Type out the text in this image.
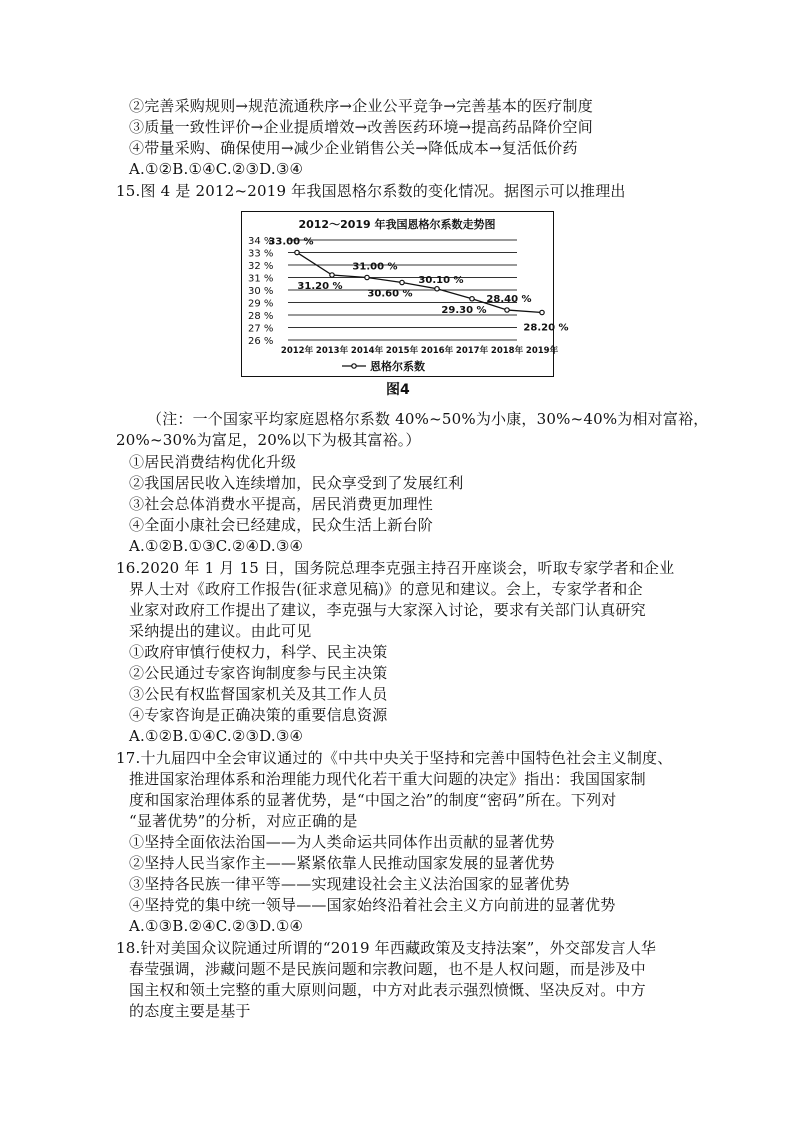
②完善采购规则→规范流通秩序→企业公平竞争→完善基本的医疗制度
③质量一致性评价→企业提质增效→改善医药环境→提高药品降价空间
④带量采购、确保使用→减少企业销售公关→降低成本→复活低价药
A.①②B.①④C.②③D.③④
15.图 4 是 2012~2019 年我国恩格尔系数的变化情况。据图示可以推理出
2012～2019 年我国恩格尔系数走势图
26 %
27 %
28 %
29 %
30 %
31 %
32 %
33 %
34 %
2012年 2013年 2014年 2015年 2016年 2017年 2018年 2019年
33.00 %
31.20 %
31.00 %
30.60 %
30.10 %
29.30 %
28.40 %
28.20 %
恩格尔系数
图4
（注：一个国家平均家庭恩格尔系数 40%~50%为小康，30%~40%为相对富裕，
20%~30%为富足，20%以下为极其富裕。）
①居民消费结构优化升级
②我国居民收入连续增加，民众享受到了发展红利
③社会总体消费水平提高，居民消费更加理性
④全面小康社会已经建成，民众生活上新台阶
A.①②B.①③C.②④D.③④
16.2020 年 1 月 15 日，国务院总理李克强主持召开座谈会，听取专家学者和企业
界人士对《政府工作报告(征求意见稿)》的意见和建议。会上，专家学者和企
业家对政府工作提出了建议，李克强与大家深入讨论，要求有关部门认真研究
采纳提出的建议。由此可见
①政府审慎行使权力，科学、民主决策
②公民通过专家咨询制度参与民主决策
③公民有权监督国家机关及其工作人员
④专家咨询是正确决策的重要信息资源
A.①②B.①④C.②③D.③④
17.十九届四中全会审议通过的《中共中央关于坚持和完善中国特色社会主义制度、
推进国家治理体系和治理能力现代化若干重大问题的决定》指出：我国国家制
度和国家治理体系的显著优势，是“中国之治”的制度“密码”所在。下列对
“显著优势”的分析，对应正确的是
①坚持全面依法治国——为人类命运共同体作出贡献的显著优势
②坚持人民当家作主——紧紧依靠人民推动国家发展的显著优势
③坚持各民族一律平等——实现建设社会主义法治国家的显著优势
④坚持党的集中统一领导——国家始终沿着社会主义方向前进的显著优势
A.①③B.②④C.②③D.①④
18.针对美国众议院通过所谓的“2019 年西藏政策及支持法案”，外交部发言人华
春莹强调，涉藏问题不是民族问题和宗教问题，也不是人权问题，而是涉及中
国主权和领土完整的重大原则问题，中方对此表示强烈愤慨、坚决反对。中方
的态度主要是基于
